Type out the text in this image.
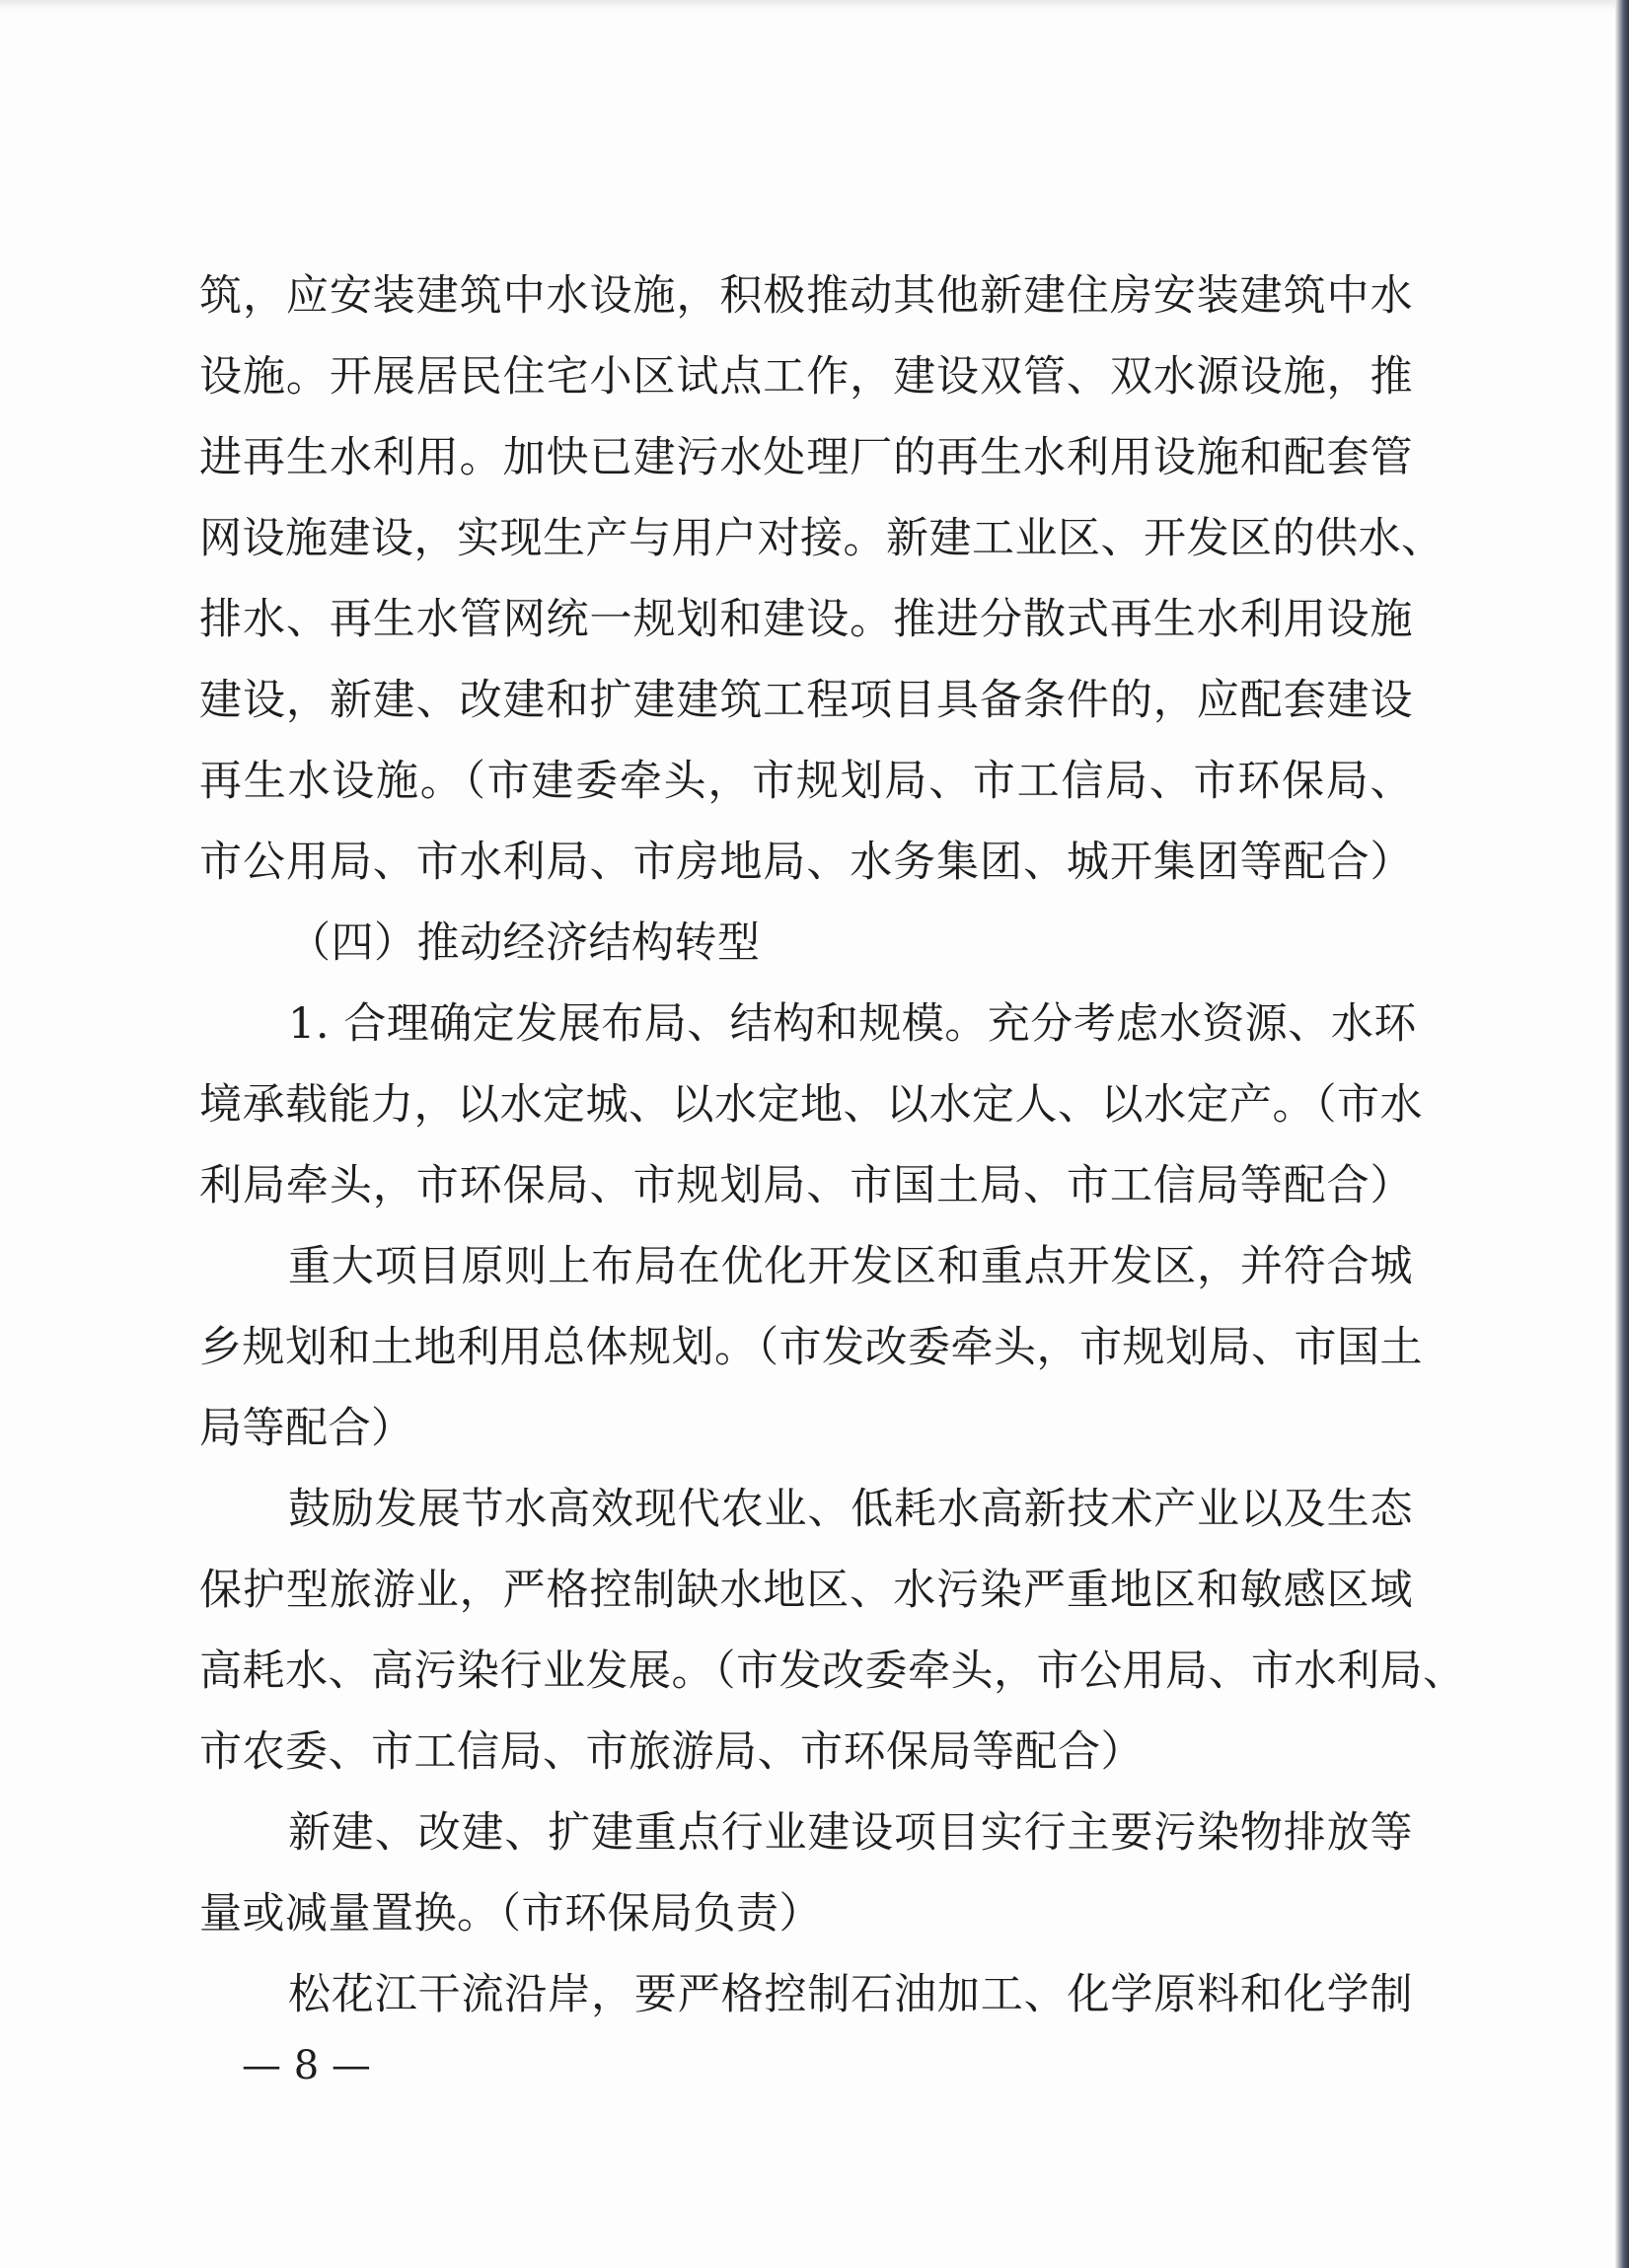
筑，应安装建筑中水设施，积极推动其他新建住房安装建筑中水
设施。开展居民住宅小区试点工作，建设双管、双水源设施，推
进再生水利用。加快已建污水处理厂的再生水利用设施和配套管
网设施建设，实现生产与用户对接。新建工业区、开发区的供水、
排水、再生水管网统一规划和建设。推进分散式再生水利用设施
建设，新建、改建和扩建建筑工程项目具备条件的，应配套建设
再生水设施。（市建委牵头，市规划局、市工信局、市环保局、
市公用局、市水利局、市房地局、水务集团、城开集团等配合）
（四）推动经济结构转型
1. 合理确定发展布局、结构和规模。充分考虑水资源、水环
境承载能力，以水定城、以水定地、以水定人、以水定产。（市水
利局牵头，市环保局、市规划局、市国土局、市工信局等配合）
重大项目原则上布局在优化开发区和重点开发区，并符合城
乡规划和土地利用总体规划。（市发改委牵头，市规划局、市国土
局等配合）
鼓励发展节水高效现代农业、低耗水高新技术产业以及生态
保护型旅游业，严格控制缺水地区、水污染严重地区和敏感区域
高耗水、高污染行业发展。（市发改委牵头，市公用局、市水利局、
市农委、市工信局、市旅游局、市环保局等配合）
新建、改建、扩建重点行业建设项目实行主要污染物排放等
量或减量置换。（市环保局负责）
松花江干流沿岸，要严格控制石油加工、化学原料和化学制
— 8 —
